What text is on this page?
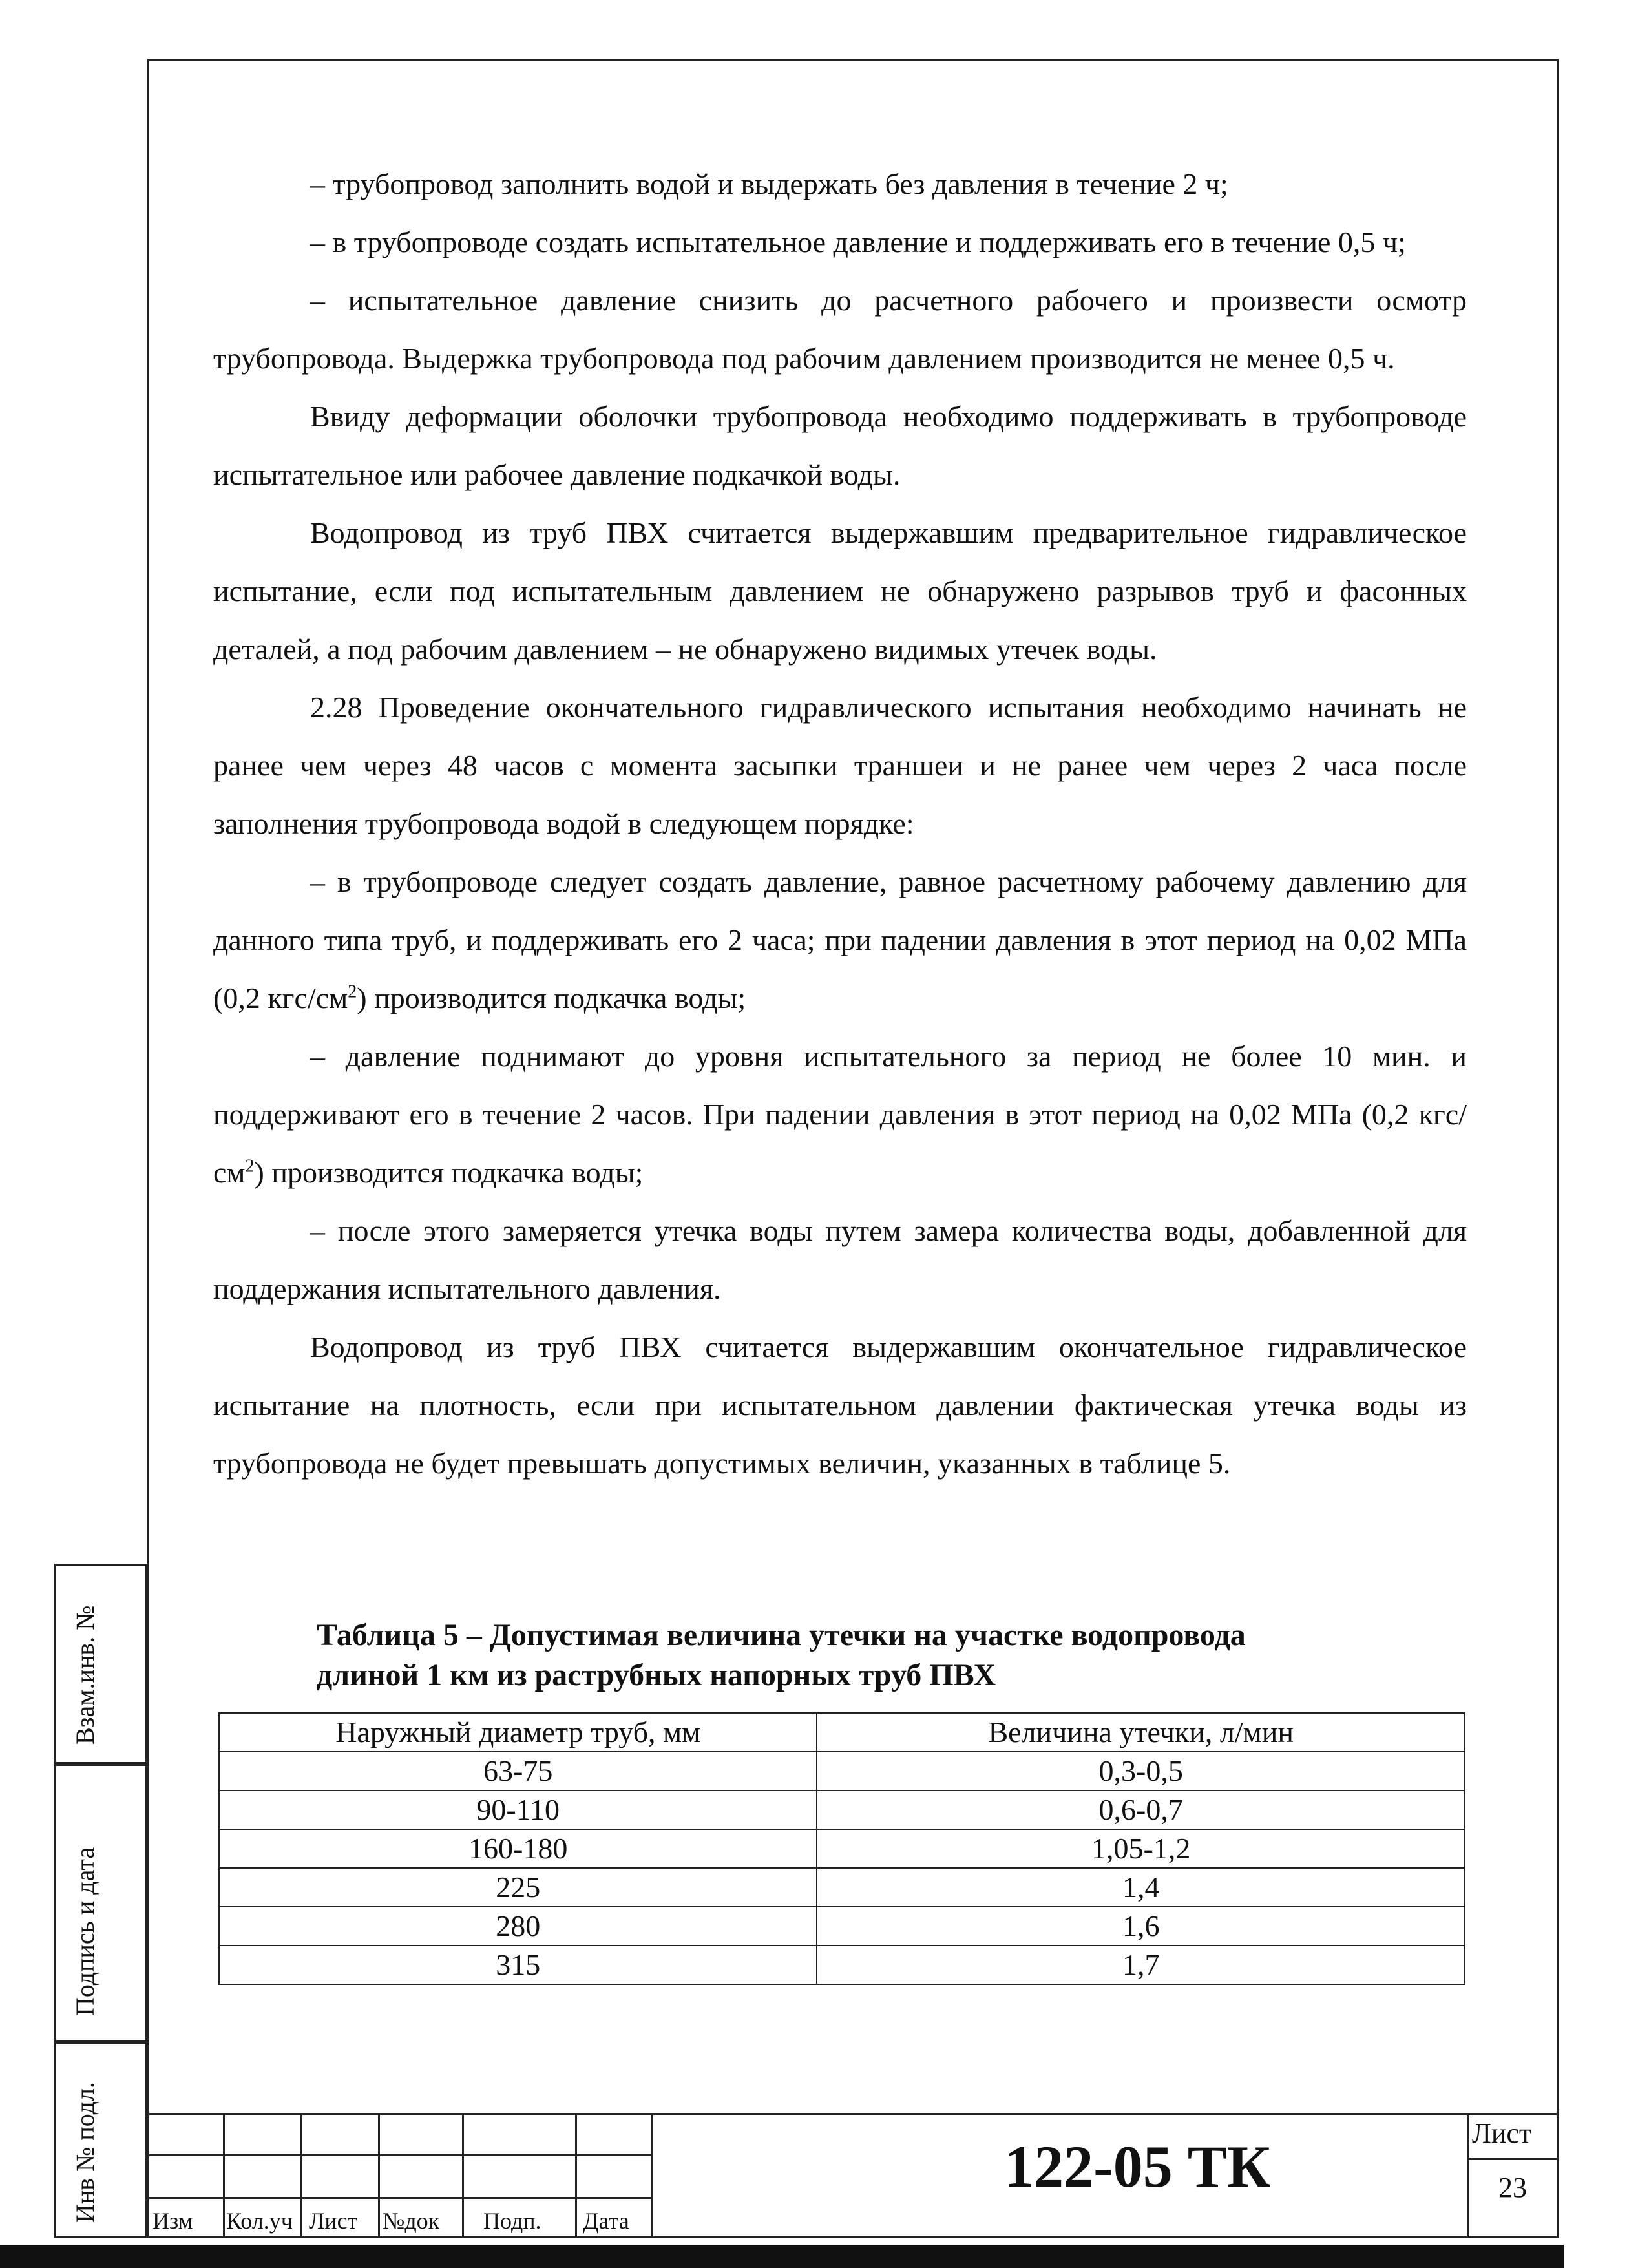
– трубопровод заполнить водой и выдержать без давления в течение 2 ч;

– в трубопроводе создать испытательное давление и поддерживать его в течение 0,5 ч;

– испытательное давление снизить до расчетного рабочего и произвести осмотр трубопровода. Выдержка трубопровода под рабочим давлением производится не менее 0,5 ч.

Ввиду деформации оболочки трубопровода необходимо поддерживать в трубопроводе испытательное или рабочее давление подкачкой воды.

Водопровод из труб ПВХ считается выдержавшим предварительное гидравлическое испытание, если под испытательным давлением не обнаружено разрывов труб и фасонных деталей, а под рабочим давлением – не обнаружено видимых утечек воды.

2.28 Проведение окончательного гидравлического испытания необходимо начинать не ранее чем через 48 часов с момента засыпки траншеи и не ранее чем через 2 часа после заполнения трубопровода водой в следующем порядке:

– в трубопроводе следует создать давление, равное расчетному рабочему давлению для данного типа труб, и поддерживать его 2 часа; при падении давления в этот период на 0,02 МПа (0,2 кгс/$см^2$) производится подкачка воды;

– давление поднимают до уровня испытательного за период не более 10 мин. и поддерживают его в течение 2 часов. При падении давления в этот период на 0,02 МПа (0,2 кгс/$см^2$) производится подкачка воды;

– после этого замеряется утечка воды путем замера количества воды, добавленной для поддержания испытательного давления.

Водопровод из труб ПВХ считается выдержавшим окончательное гидравлическое испытание на плотность, если при испытательном давлении фактическая утечка воды из трубопровода не будет превышать допустимых величин, указанных в таблице 5.

Таблица 5 – Допустимая величина утечки на участке водопровода
длиной 1 км из раструбных напорных труб ПВХ
Наружный диаметр труб, мм	Величина утечки, л/мин
63-75	0,3-0,5
90-110	0,6-0,7
160-180	1,05-1,2
225	1,4
280	1,6
315	1,7
Взам.инв. №
Подпись и дата
Инв № подл. Изм Кол.уч Лист №док Подп. Дата
122-05 ТК
Лист
23
